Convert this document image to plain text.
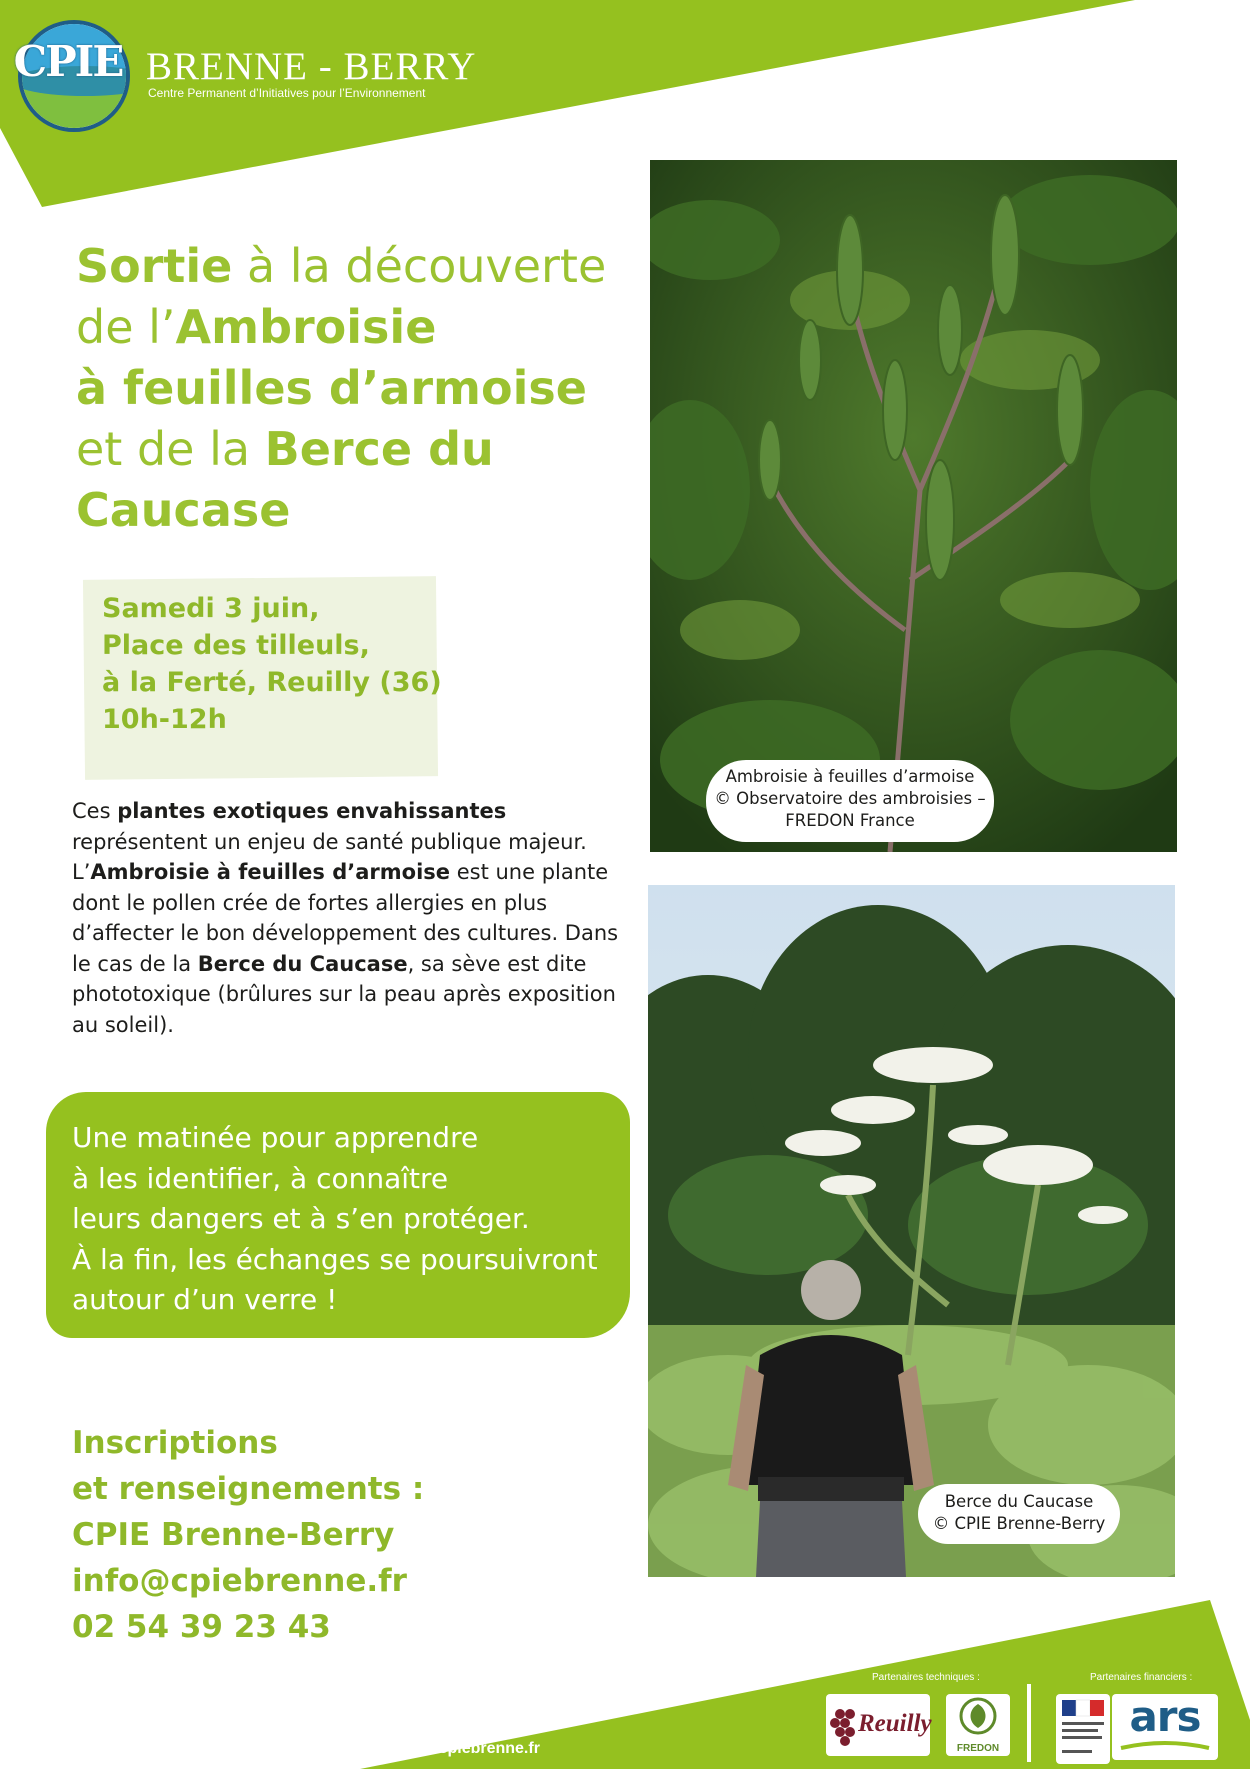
CPIE BRENNE - BERRY
Centre Permanent d’Initiatives pour l’Environnement
Sortie à la découverte
de l’Ambroisie
à feuilles d’armoise
et de la Berce du
Caucase
Samedi 3 juin,
Place des tilleuls,
à la Ferté, Reuilly (36)
10h-12h
Ces plantes exotiques envahissantes représentent un enjeu de santé publique majeur. L’Ambroisie à feuilles d’armoise est une plante dont le pollen crée de fortes allergies en plus d’affecter le bon développement des cultures. Dans le cas de la Berce du Caucase, sa sève est dite phototoxique (brûlures sur la peau après exposition au soleil).
Une matinée pour apprendre
à les identifier, à connaître
leurs dangers et à s’en protéger.
À la fin, les échanges se poursuivront
autour d’un verre !
Inscriptions
et renseignements :
CPIE Brenne-Berry
info@cpiebrenne.fr
02 54 39 23 43
Ambroisie à feuilles d’armoise
© Observatoire des ambroisies –
FREDON France
Berce du Caucase
© CPIE Brenne-Berry
Partenaires techniques :	Partenaires financiers :
Reuilly
FREDON
ars
⟶ www.cpiebrenne.fr
